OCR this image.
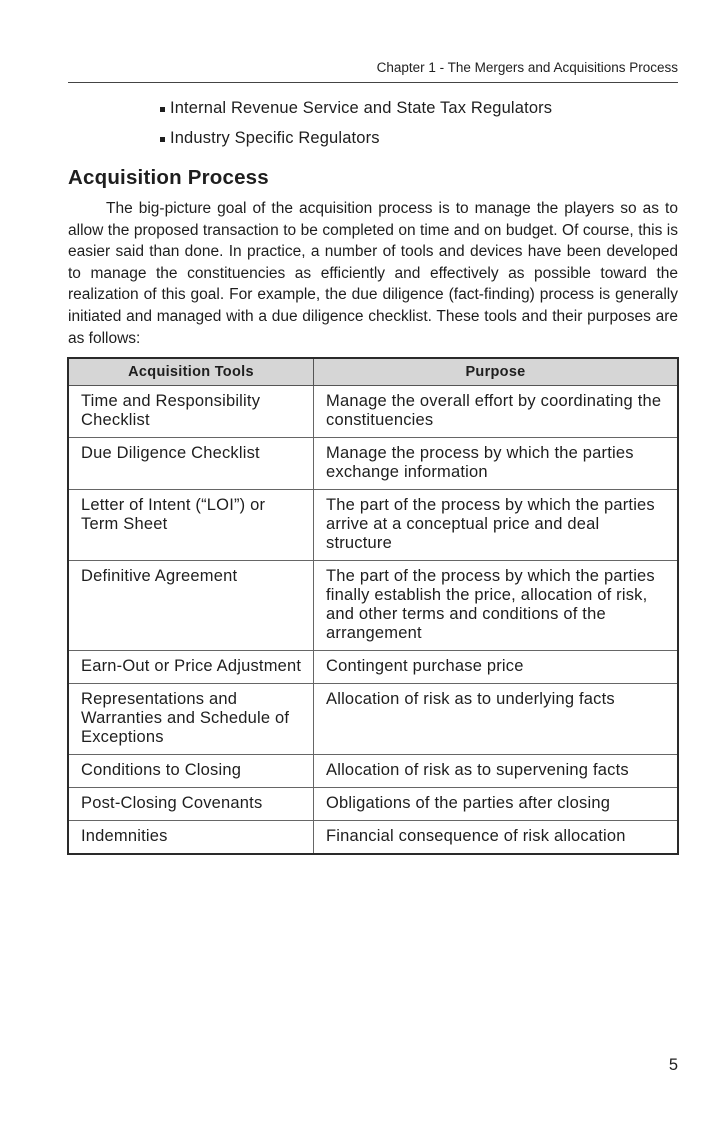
Chapter 1 - The Mergers and Acquisitions Process
Internal Revenue Service and State Tax Regulators
Industry Specific Regulators
Acquisition Process

The big-picture goal of the acquisition process is to manage the players so as to allow the proposed transaction to be completed on time and on budget. Of course, this is easier said than done. In practice, a number of tools and devices have been developed to manage the constituencies as efficiently and effectively as possible toward the realization of this goal. For example, the due diligence (fact-finding) process is generally initiated and managed with a due diligence checklist. These tools and their purposes are as follows:

Acquisition Tools	Purpose
Time and Responsibility Checklist	Manage the overall effort by coordinating the constituencies
Due Diligence Checklist	Manage the process by which the parties exchange information
Letter of Intent (“LOI”) or Term Sheet	The part of the process by which the parties arrive at a conceptual price and deal structure
Definitive Agreement	The part of the process by which the parties finally establish the price, allocation of risk, and other terms and conditions of the arrangement
Earn-Out or Price Adjustment	Contingent purchase price
Representations and Warranties and Schedule of Exceptions	Allocation of risk as to underlying facts
Conditions to Closing	Allocation of risk as to supervening facts
Post-Closing Covenants	Obligations of the parties after closing
Indemnities	Financial consequence of risk allocation
5
